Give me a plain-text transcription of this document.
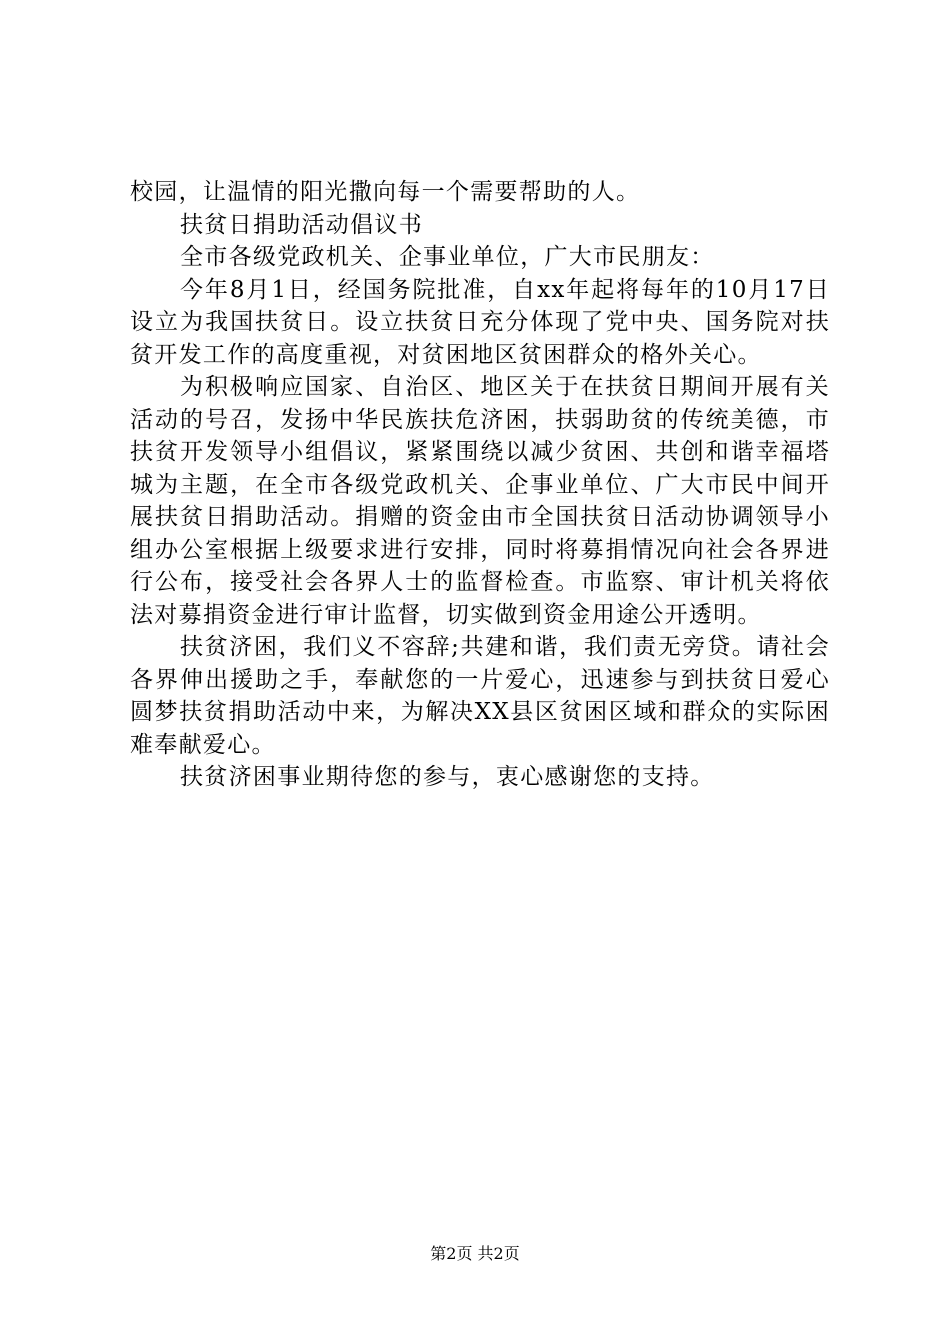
校园，让温情的阳光撒向每一个需要帮助的人。

扶贫日捐助活动倡议书

全市各级党政机关、企事业单位，广大市民朋友：

今年8月1日，经国务院批准，自xx年起将每年的10月17日设立为我国扶贫日。设立扶贫日充分体现了党中央、国务院对扶贫开发工作的高度重视，对贫困地区贫困群众的格外关心。

为积极响应国家、自治区、地区关于在扶贫日期间开展有关活动的号召，发扬中华民族扶危济困，扶弱助贫的传统美德，市扶贫开发领导小组倡议，紧紧围绕以减少贫困、共创和谐幸福塔城为主题，在全市各级党政机关、企事业单位、广大市民中间开展扶贫日捐助活动。捐赠的资金由市全国扶贫日活动协调领导小组办公室根据上级要求进行安排，同时将募捐情况向社会各界进行公布，接受社会各界人士的监督检查。市监察、审计机关将依法对募捐资金进行审计监督，切实做到资金用途公开透明。

扶贫济困，我们义不容辞;共建和谐，我们责无旁贷。请社会各界伸出援助之手，奉献您的一片爱心，迅速参与到扶贫日爱心圆梦扶贫捐助活动中来，为解决XX县区贫困区域和群众的实际困难奉献爱心。

扶贫济困事业期待您的参与，衷心感谢您的支持。

第2页 共2页
